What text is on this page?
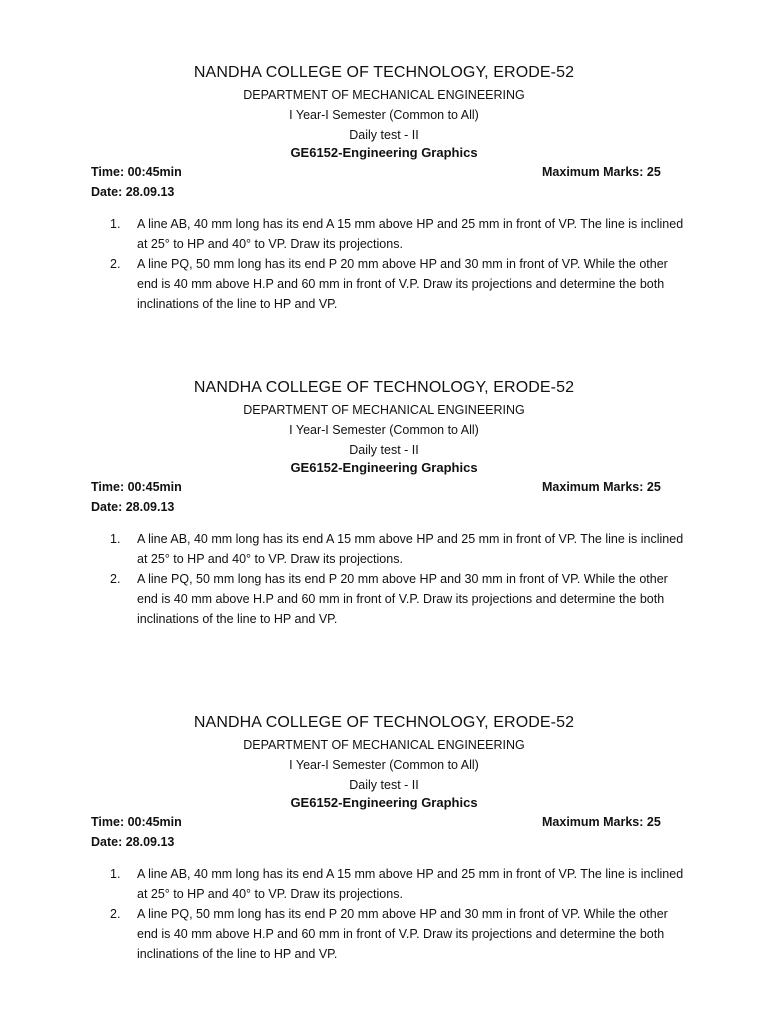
NANDHA COLLEGE OF TECHNOLOGY, ERODE-52
DEPARTMENT OF MECHANICAL ENGINEERING
I Year-I Semester (Common to All)
Daily test - II
GE6152-Engineering Graphics
Time: 00:45min	Maximum Marks: 25
Date: 28.09.13
1. A line AB, 40 mm long has its end A 15 mm above HP and 25 mm in front of VP. The line is inclined at 25° to HP and 40° to VP. Draw its projections.
2. A line PQ, 50 mm long has its end P 20 mm above HP and 30 mm in front of VP. While the other end is 40 mm above H.P and 60 mm in front of V.P. Draw its projections and determine the both inclinations of the line to HP and VP.
NANDHA COLLEGE OF TECHNOLOGY, ERODE-52
DEPARTMENT OF MECHANICAL ENGINEERING
I Year-I Semester (Common to All)
Daily test - II
GE6152-Engineering Graphics
Time: 00:45min	Maximum Marks: 25
Date: 28.09.13
1. A line AB, 40 mm long has its end A 15 mm above HP and 25 mm in front of VP. The line is inclined at 25° to HP and 40° to VP. Draw its projections.
2. A line PQ, 50 mm long has its end P 20 mm above HP and 30 mm in front of VP. While the other end is 40 mm above H.P and 60 mm in front of V.P. Draw its projections and determine the both inclinations of the line to HP and VP.
NANDHA COLLEGE OF TECHNOLOGY, ERODE-52
DEPARTMENT OF MECHANICAL ENGINEERING
I Year-I Semester (Common to All)
Daily test - II
GE6152-Engineering Graphics
Time: 00:45min	Maximum Marks: 25
Date: 28.09.13
1. A line AB, 40 mm long has its end A 15 mm above HP and 25 mm in front of VP. The line is inclined at 25° to HP and 40° to VP. Draw its projections.
2. A line PQ, 50 mm long has its end P 20 mm above HP and 30 mm in front of VP. While the other end is 40 mm above H.P and 60 mm in front of V.P. Draw its projections and determine the both inclinations of the line to HP and VP.
